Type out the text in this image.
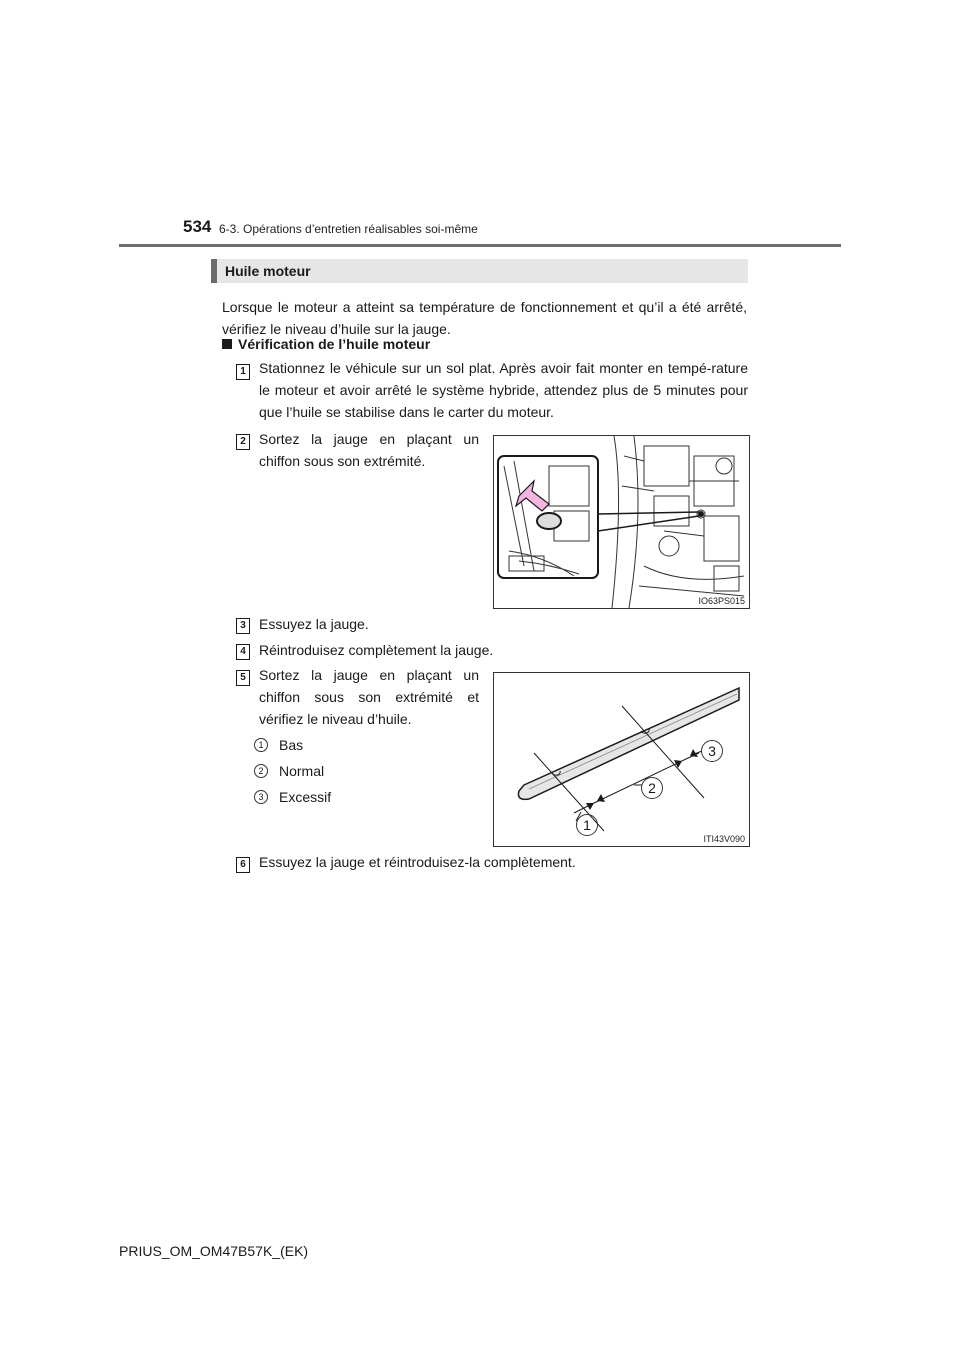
534 6-3. Opérations d’entretien réalisables soi-même
Huile moteur
Lorsque le moteur a atteint sa température de fonctionnement et qu’il a été arrêté, vérifiez le niveau d’huile sur la jauge.
Vérification de l’huile moteur
1 Stationnez le véhicule sur un sol plat. Après avoir fait monter en tempé-rature le moteur et avoir arrêté le système hybride, attendez plus de 5 minutes pour que l’huile se stabilise dans le carter du moteur.
2 Sortez la jauge en plaçant un chiffon sous son extrémité.
IO63PS015
3 Essuyez la jauge.
4 Réintroduisez complètement la jauge.
5 Sortez la jauge en plaçant un chiffon sous son extrémité et vérifiez le niveau d’huile.
1	Bas
2	Normal
3	Excessif
1
2
3
ITI43V090
6 Essuyez la jauge et réintroduisez-la complètement.
PRIUS_OM_OM47B57K_(EK)
